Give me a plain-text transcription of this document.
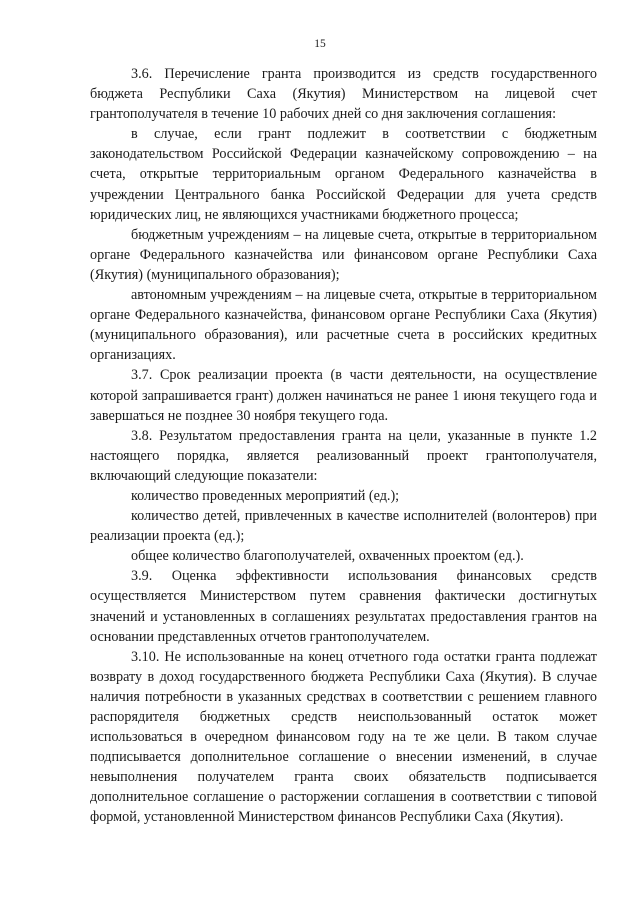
15

3.6. Перечисление гранта производится из средств государственного бюджета Республики Саха (Якутия) Министерством на лицевой счет грантополучателя в течение 10 рабочих дней со дня заключения соглашения:

в случае, если грант подлежит в соответствии с бюджетным законодательством Российской Федерации казначейскому сопровождению – на счета, открытые территориальным органом Федерального казначейства в учреждении Центрального банка Российской Федерации для учета средств юридических лиц, не являющихся участниками бюджетного процесса;

бюджетным учреждениям – на лицевые счета, открытые в территориальном органе Федерального казначейства или финансовом органе Республики Саха (Якутия) (муниципального образования);

автономным учреждениям – на лицевые счета, открытые в территориальном органе Федерального казначейства, финансовом органе Республики Саха (Якутия) (муниципального образования), или расчетные счета в российских кредитных организациях.

3.7. Срок реализации проекта (в части деятельности, на осуществление которой запрашивается грант) должен начинаться не ранее 1 июня текущего года и завершаться не позднее 30 ноября текущего года.

3.8. Результатом предоставления гранта на цели, указанные в пункте 1.2 настоящего порядка, является реализованный проект грантополучателя, включающий следующие показатели:

количество проведенных мероприятий (ед.);

количество детей, привлеченных в качестве исполнителей (волонтеров) при реализации проекта (ед.);

общее количество благополучателей, охваченных проектом (ед.).

3.9. Оценка эффективности использования финансовых средств осуществляется Министерством путем сравнения фактически достигнутых значений и установленных в соглашениях результатах предоставления грантов на основании представленных отчетов грантополучателем.

3.10. Не использованные на конец отчетного года остатки гранта подлежат возврату в доход государственного бюджета Республики Саха (Якутия). В случае наличия потребности в указанных средствах в соответствии с решением главного распорядителя бюджетных средств неиспользованный остаток может использоваться в очередном финансовом году на те же цели. В таком случае подписывается дополнительное соглашение о внесении изменений, в случае невыполнения получателем гранта своих обязательств подписывается дополнительное соглашение о расторжении соглашения в соответствии с типовой формой, установленной Министерством финансов Республики Саха (Якутия).
